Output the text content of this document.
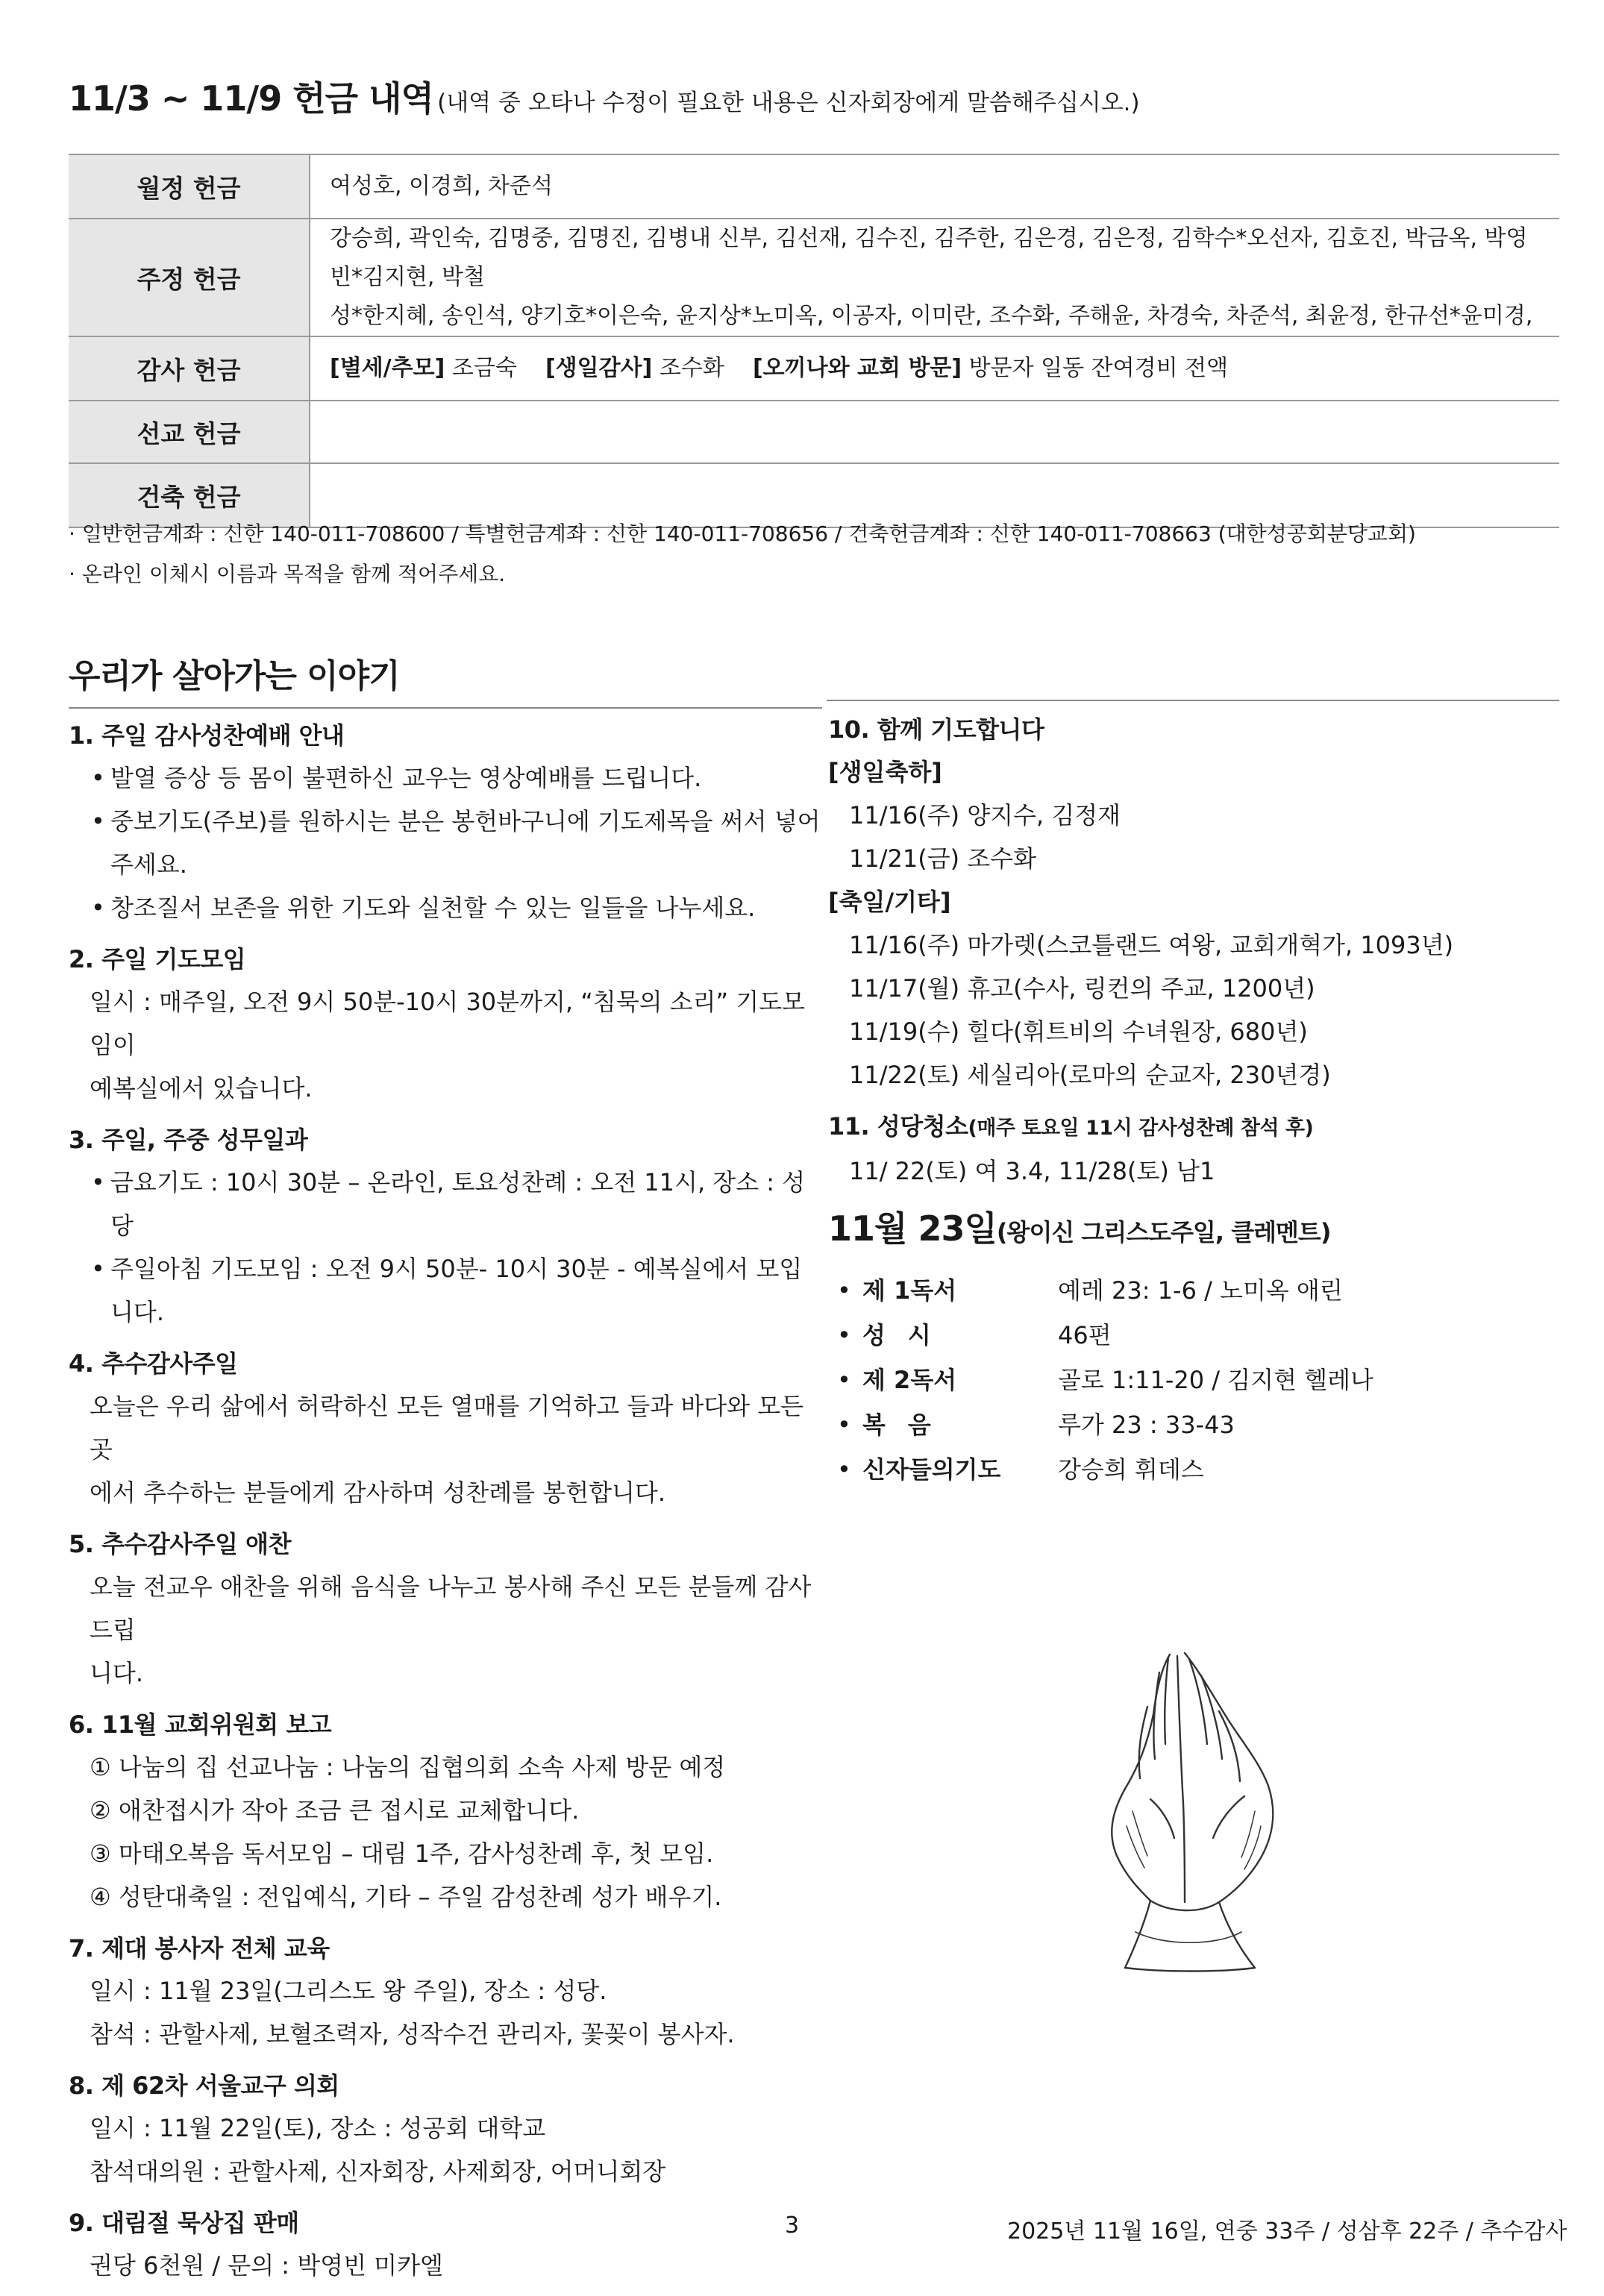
11/3 ~ 11/9 헌금 내역 (내역 중 오타나 수정이 필요한 내용은 신자회장에게 말씀해주십시오.)
월정 헌금	여성호, 이경희, 차준석
주정 헌금	강승희, 곽인숙, 김명중, 김명진, 김병내 신부, 김선재, 김수진, 김주한, 김은경, 김은정, 김학수*오선자, 김호진, 박금옥, 박영빈*김지현, 박철
성*한지혜, 송인석, 양기호*이은숙, 윤지상*노미옥, 이공자, 이미란, 조수화, 주해윤, 차경숙, 차준석, 최윤정, 한규선*윤미경,

감사 헌금	[별세/추모] 조금숙 [생일감사] 조수화 [오끼나와 교회 방문] 방문자 일동 잔여경비 전액
선교 헌금	
건축 헌금	
· 일반헌금계좌 : 신한 140-011-708600 / 특별헌금계좌 : 신한 140-011-708656 / 건축헌금계좌 : 신한 140-011-708663 (대한성공회분당교회)
· 온라인 이체시 이름과 목적을 함께 적어주세요.
우리가 살아가는 이야기
1. 주일 감사성찬예배 안내

• 발열 증상 등 몸이 불편하신 교우는 영상예배를 드립니다.

• 중보기도(주보)를 원하시는 분은 봉헌바구니에 기도제목을 써서 넣어 주세요.

• 창조질서 보존을 위한 기도와 실천할 수 있는 일들을 나누세요.

2. 주일 기도모임

일시 : 매주일, 오전 9시 50분-10시 30분까지, “침묵의 소리” 기도모임이

예복실에서 있습니다.

3. 주일, 주중 성무일과

• 금요기도 : 10시 30분 – 온라인, 토요성찬례 : 오전 11시, 장소 : 성당

• 주일아침 기도모임 : 오전 9시 50분- 10시 30분 - 예복실에서 모입니다.

4. 추수감사주일

오늘은 우리 삶에서 허락하신 모든 열매를 기억하고 들과 바다와 모든 곳

에서 추수하는 분들에게 감사하며 성찬례를 봉헌합니다.

5. 추수감사주일 애찬

오늘 전교우 애찬을 위해 음식을 나누고 봉사해 주신 모든 분들께 감사드립

니다.

6. 11월 교회위원회 보고

① 나눔의 집 선교나눔 : 나눔의 집협의회 소속 사제 방문 예정

② 애찬접시가 작아 조금 큰 접시로 교체합니다.

③ 마태오복음 독서모임 – 대림 1주, 감사성찬례 후, 첫 모임.

④ 성탄대축일 : 전입예식, 기타 – 주일 감성찬례 성가 배우기.

7. 제대 봉사자 전체 교육

일시 : 11월 23일(그리스도 왕 주일), 장소 : 성당.

참석 : 관할사제, 보혈조력자, 성작수건 관리자, 꽃꽂이 봉사자.

8. 제 62차 서울교구 의회

일시 : 11월 22일(토), 장소 : 성공회 대학교

참석대의원 : 관할사제, 신자회장, 사제회장, 어머니회장

9. 대림절 묵상집 판매

권당 6천원 / 문의 : 박영빈 미카엘

10. 함께 기도합니다

[생일축하]

11/16(주) 양지수, 김정재

11/21(금) 조수화

[축일/기타]

11/16(주) 마가렛(스코틀랜드 여왕, 교회개혁가, 1093년)

11/17(월) 휴고(수사, 링컨의 주교, 1200년)

11/19(수) 힐다(휘트비의 수녀원장, 680년)

11/22(토) 세실리아(로마의 순교자, 230년경)

11. 성당청소(매주 토요일 11시 감사성찬례 참석 후)

11/ 22(토) 여 3.4, 11/28(토) 남1

11월 23일(왕이신 그리스도주일, 클레멘트)
• 제 1독서	예레 23: 1-6 / 노미옥 애린
• 성시	46편
• 제 2독서	골로 1:11-20 / 김지현 헬레나
• 복음	루가 23 : 33-43
• 신자들의기도	강승희 휘데스
3	2025년 11월 16일, 연중 33주 / 성삼후 22주 / 추수감사
